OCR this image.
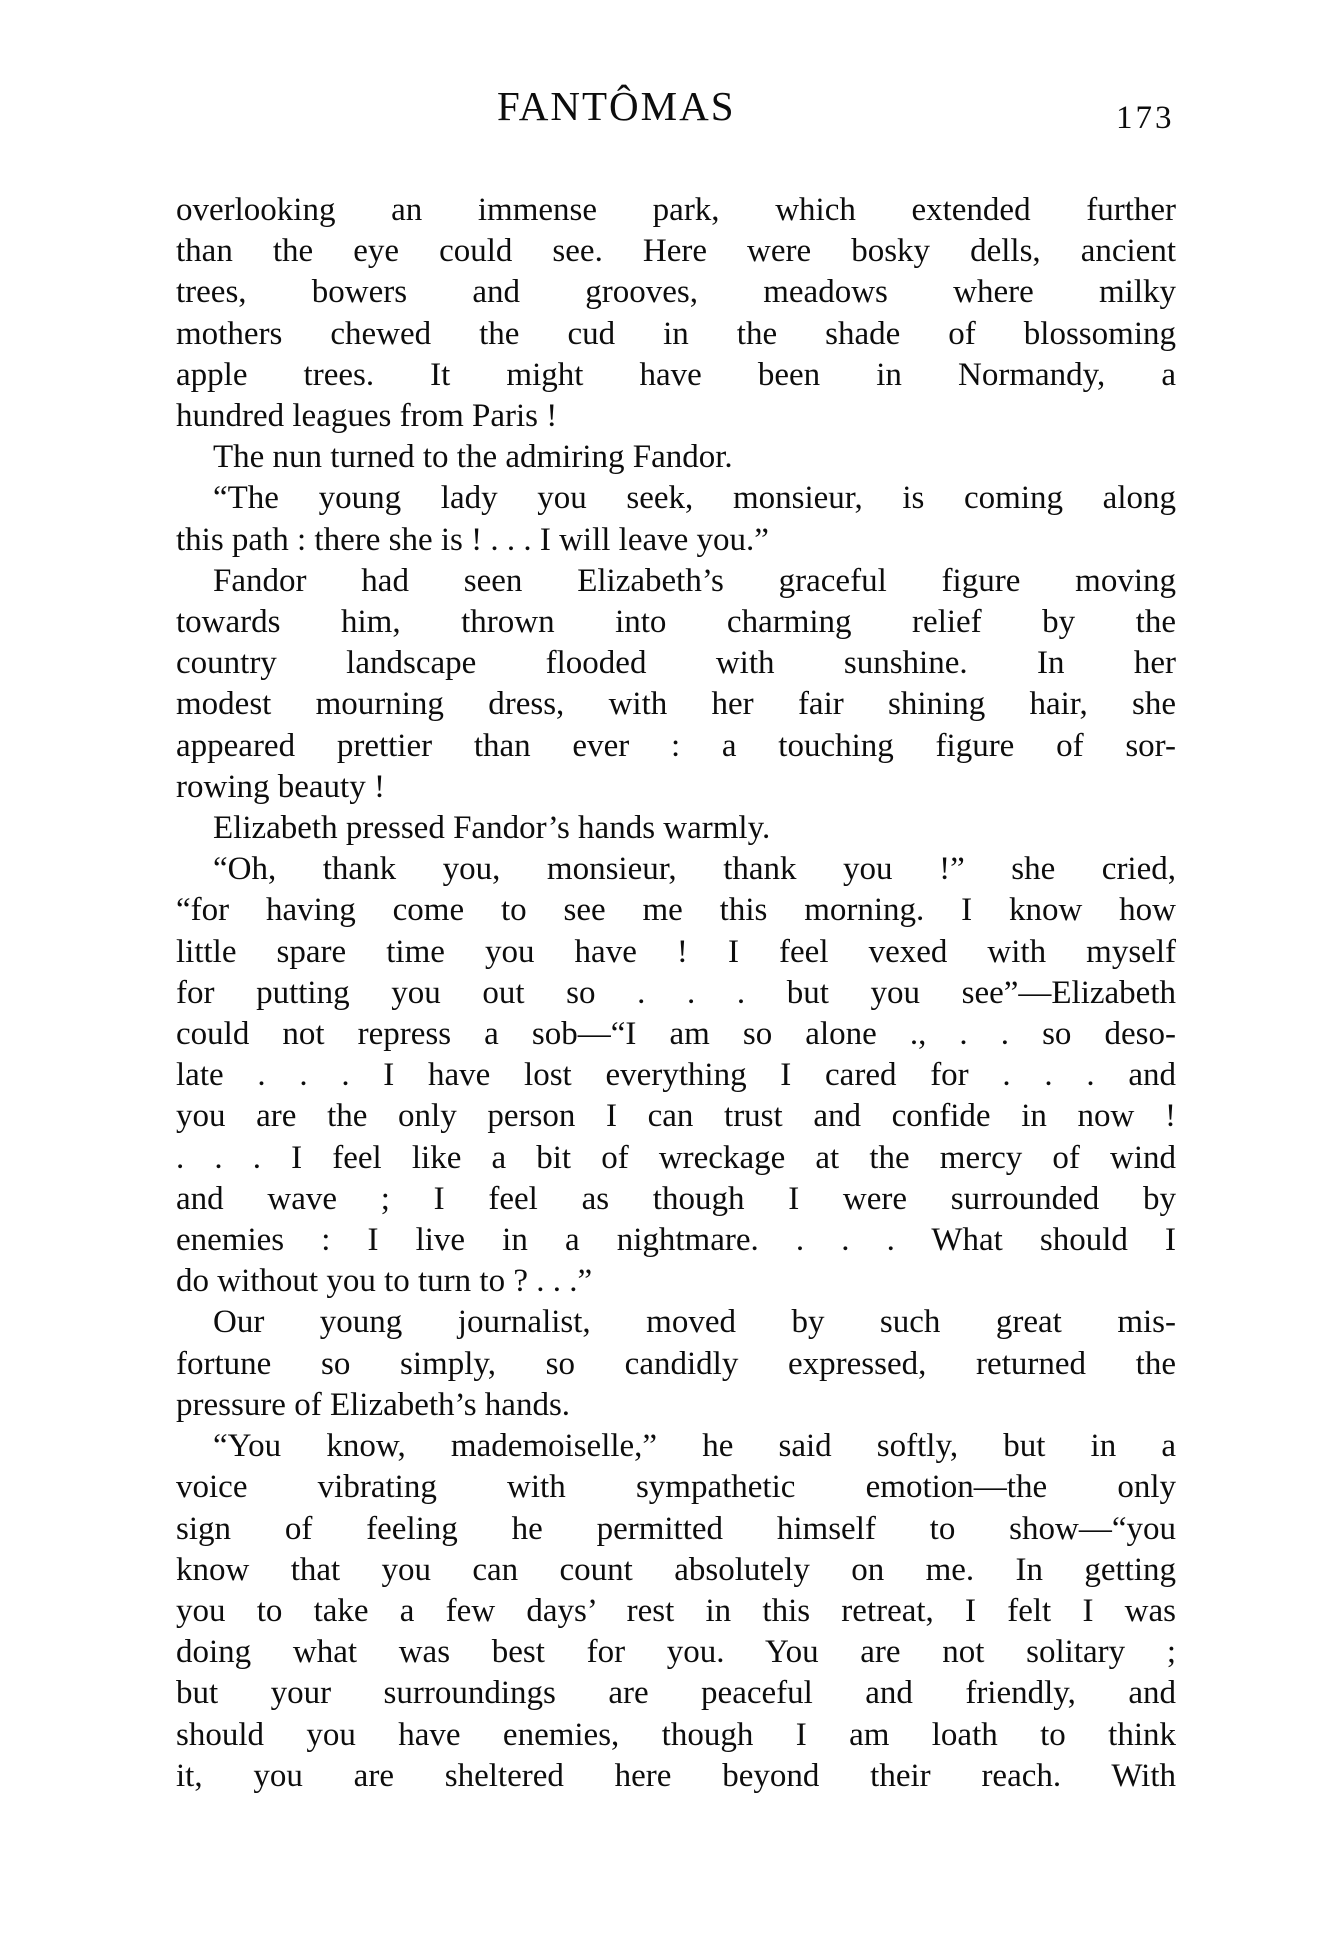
FANTÔMAS	173
overlooking an immense park, which extended further
than the eye could see. Here were bosky dells, ancient
trees, bowers and grooves, meadows where milky
mothers chewed the cud in the shade of blossoming
apple trees. It might have been in Normandy, a
hundred leagues from Paris !
The nun turned to the admiring Fandor.
“The young lady you seek, monsieur, is coming along
this path : there she is ! . . . I will leave you.”
Fandor had seen Elizabeth’s graceful figure moving
towards him, thrown into charming relief by the
country landscape flooded with sunshine. In her
modest mourning dress, with her fair shining hair, she
appeared prettier than ever : a touching figure of sor-
rowing beauty !
Elizabeth pressed Fandor’s hands warmly.
“Oh, thank you, monsieur, thank you !” she cried,
“for having come to see me this morning. I know how
little spare time you have ! I feel vexed with myself
for putting you out so . . . but you see”—Elizabeth
could not repress a sob—“I am so alone ., . . so deso-
late . . . I have lost everything I cared for . . . and
you are the only person I can trust and confide in now !
. . . I feel like a bit of wreckage at the mercy of wind
and wave ; I feel as though I were surrounded by
enemies : I live in a nightmare. . . . What should I
do without you to turn to ? . . .”
Our young journalist, moved by such great mis-
fortune so simply, so candidly expressed, returned the
pressure of Elizabeth’s hands.
“You know, mademoiselle,” he said softly, but in a
voice vibrating with sympathetic emotion—the only
sign of feeling he permitted himself to show—“you
know that you can count absolutely on me. In getting
you to take a few days’ rest in this retreat, I felt I was
doing what was best for you. You are not solitary ;
but your surroundings are peaceful and friendly, and
should you have enemies, though I am loath to think
it, you are sheltered here beyond their reach. With
